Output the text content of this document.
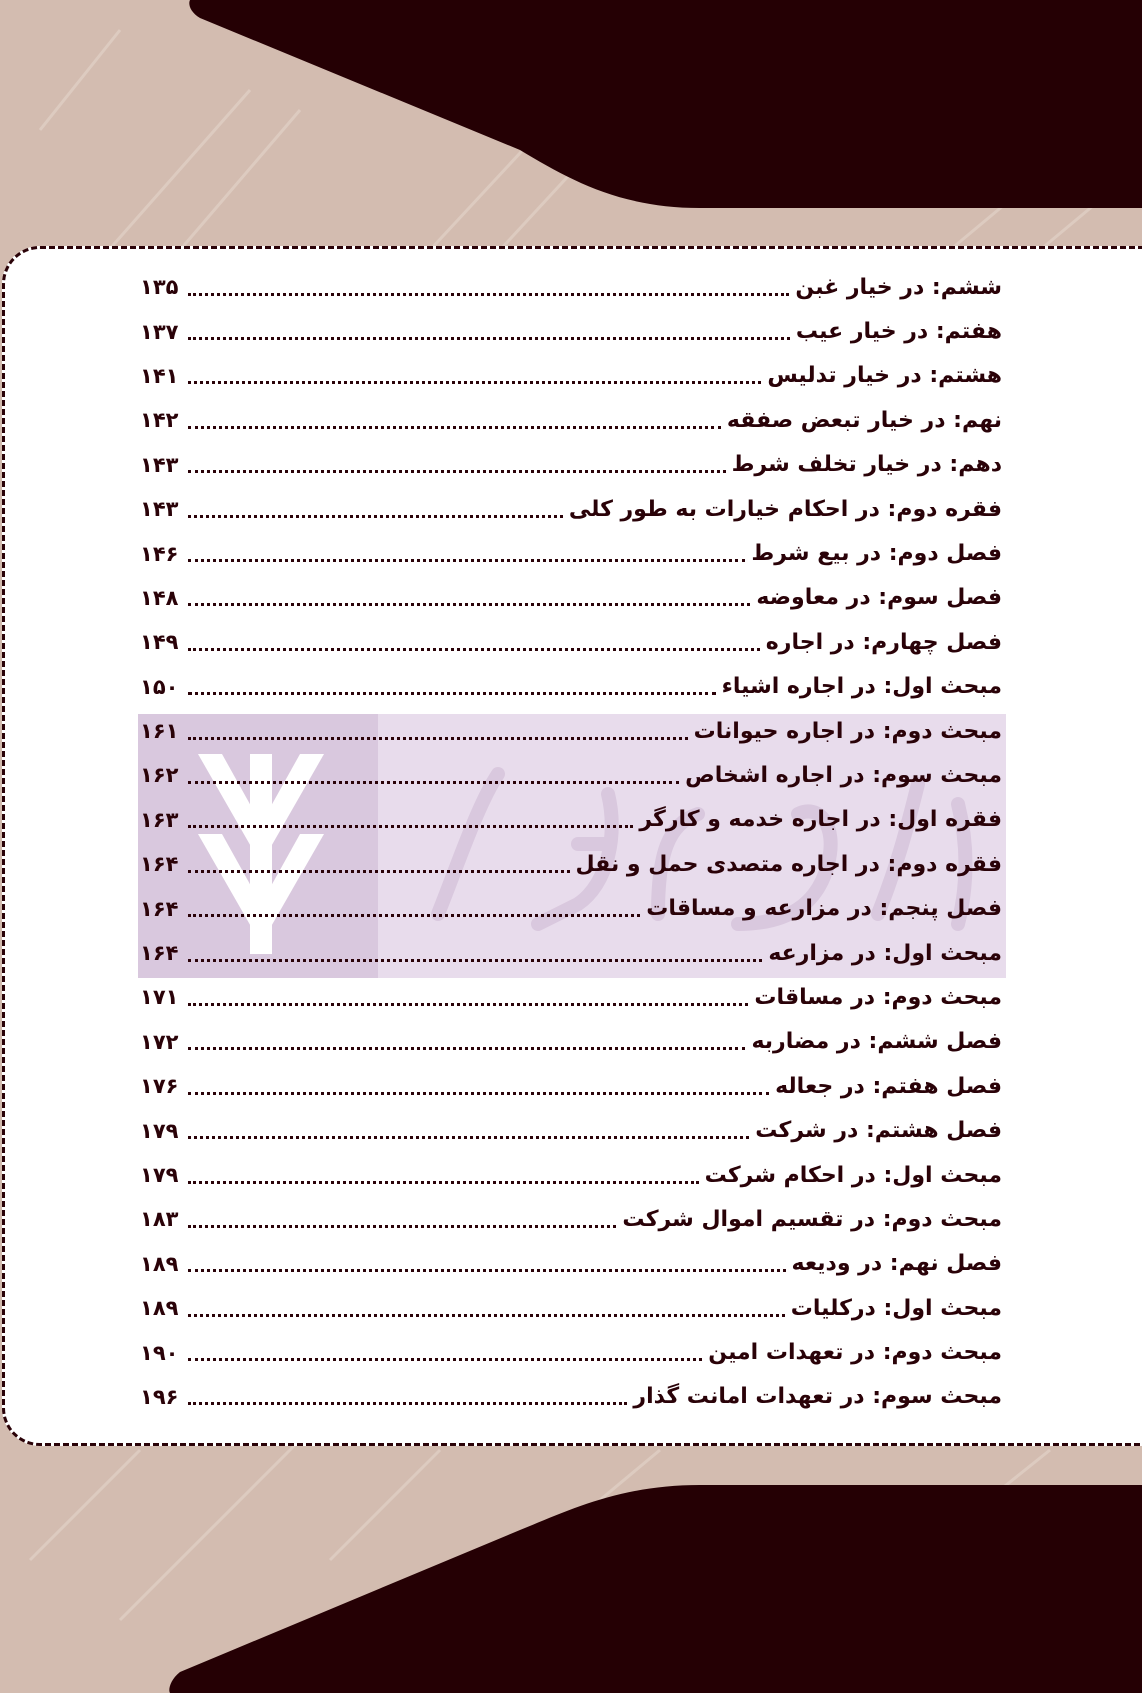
ششم: در خیار غبن
۱۳۵
هفتم: در خیار عیب
۱۳۷
هشتم: در خیار تدلیس
۱۴۱
نهم: در خیار تبعض صفقه
۱۴۲
دهم: در خیار تخلف شرط
۱۴۳
فقره دوم: در احکام خیارات به طور کلی
۱۴۳
فصل دوم: در بیع شرط
۱۴۶
فصل سوم: در معاوضه
۱۴۸
فصل چهارم: در اجاره
۱۴۹
مبحث اول: در اجاره اشیاء
۱۵۰
مبحث دوم: در اجاره حیوانات
۱۶۱
مبحث سوم: در اجاره اشخاص
۱۶۲
فقره اول: در اجاره خدمه و کارگر
۱۶۳
فقره دوم: در اجاره متصدی حمل و نقل
۱۶۴
فصل پنجم: در مزارعه و مساقات
۱۶۴
مبحث اول: در مزارعه
۱۶۴
مبحث دوم: در مساقات
۱۷۱
فصل ششم: در مضاربه
۱۷۲
فصل هفتم: در جعاله
۱۷۶
فصل هشتم: در شرکت
۱۷۹
مبحث اول: در احکام شرکت
۱۷۹
مبحث دوم: در تقسیم اموال شرکت
۱۸۳
فصل نهم: در ودیعه
۱۸۹
مبحث اول: درکلیات
۱۸۹
مبحث دوم: در تعهدات امین
۱۹۰
مبحث سوم: در تعهدات امانت گذار
۱۹۶
